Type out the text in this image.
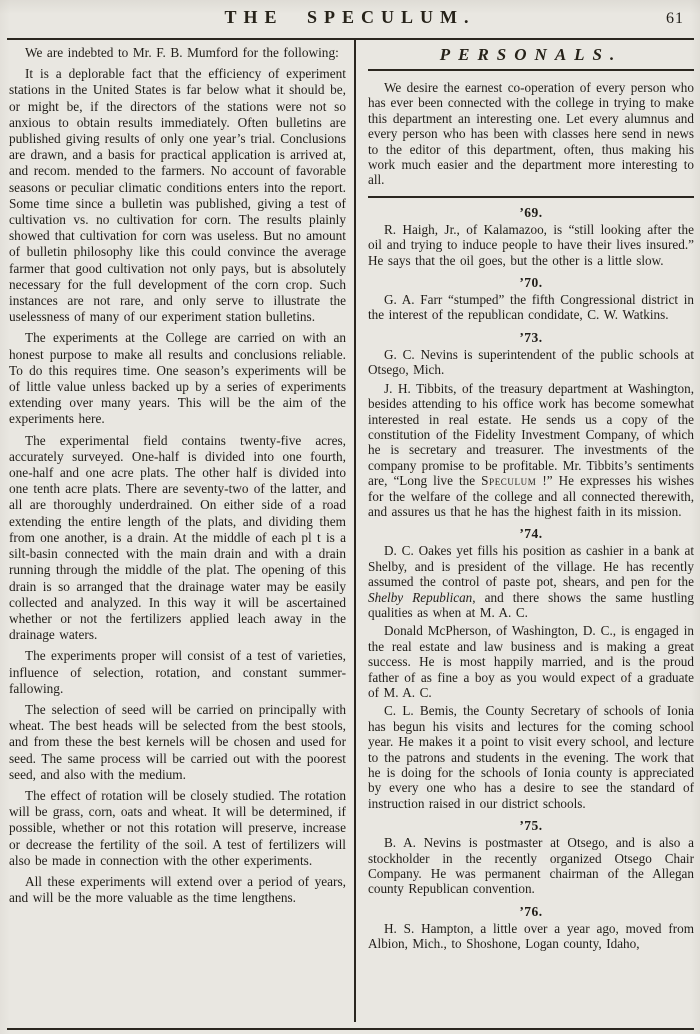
THE SPECULUM.	61

We are indebted to Mr. F. B. Mumford for the following:

It is a deplorable fact that the efficiency of experiment stations in the United States is far below what it should be, or might be, if the directors of the stations were not so anxious to obtain results immediately. Often bulletins are published giving results of only one year’s trial. Conclusions are drawn, and a basis for practical application is arrived at, and recom. mended to the farmers. No account of favorable seasons or peculiar climatic conditions enters into the report. Some time since a bulletin was published, giving a test of cultivation vs. no cultivation for corn. The results plainly showed that cultivation for corn was useless. But no amount of bulletin philosophy like this could convince the average farmer that good cultivation not only pays, but is absolutely necessary for the full development of the corn crop. Such instances are not rare, and only serve to illustrate the uselessness of many of our experiment station bulletins.

The experiments at the College are carried on with an honest purpose to make all results and conclusions reliable. To do this requires time. One season’s experiments will be of little value unless backed up by a series of experiments extending over many years. This will be the aim of the experiments here.

The experimental field contains twenty-five acres, accurately surveyed. One-half is divided into one fourth, one-half and one acre plats. The other half is divided into one tenth acre plats. There are seventy-two of the latter, and all are thoroughly underdrained. On either side of a road extending the entire length of the plats, and dividing them from one another, is a drain. At the middle of each pl t is a silt-basin connected with the main drain and with a drain running through the middle of the plat. The opening of this drain is so arranged that the drainage water may be easily collected and analyzed. In this way it will be ascertained whether or not the fertilizers applied leach away in the drainage waters.

The experiments proper will consist of a test of varieties, influence of selection, rotation, and constant summer-fallowing.

The selection of seed will be carried on principally with wheat. The best heads will be selected from the best stools, and from these the best kernels will be chosen and used for seed. The same process will be carried out with the poorest seed, and also with the medium.

The effect of rotation will be closely studied. The rotation will be grass, corn, oats and wheat. It will be determined, if possible, whether or not this rotation will preserve, increase or decrease the fertility of the soil. A test of fertilizers will also be made in connection with the other experiments.

All these experiments will extend over a period of years, and will be the more valuable as the time lengthens.

PERSONALS.

We desire the earnest co-operation of every person who has ever been connected with the college in trying to make this department an interesting one. Let every alumnus and every person who has been with classes here send in news to the editor of this department, often, thus making his work much easier and the department more interesting to all.

’69.

R. Haigh, Jr., of Kalamazoo, is “still looking after the oil and trying to induce people to have their lives insured.” He says that the oil goes, but the other is a little slow.

’70.

G. A. Farr “stumped” the fifth Congressional district in the interest of the republican condidate, C. W. Watkins.

’73.

G. C. Nevins is superintendent of the public schools at Otsego, Mich.

J. H. Tibbits, of the treasury department at Washington, besides attending to his office work has become somewhat interested in real estate. He sends us a copy of the constitution of the Fidelity Investment Company, of which he is secretary and treasurer. The investments of the company promise to be profitable. Mr. Tibbits’s sentiments are, “Long live the Speculum !” He expresses his wishes for the welfare of the college and all connected therewith, and assures us that he has the highest faith in its mission.

’74.

D. C. Oakes yet fills his position as cashier in a bank at Shelby, and is president of the village. He has recently assumed the control of paste pot, shears, and pen for the Shelby Republican, and there shows the same hustling qualities as when at M. A. C.

Donald McPherson, of Washington, D. C., is engaged in the real estate and law business and is making a great success. He is most happily married, and is the proud father of as fine a boy as you would expect of a graduate of M. A. C.

C. L. Bemis, the County Secretary of schools of Ionia has begun his visits and lectures for the coming school year. He makes it a point to visit every school, and lecture to the patrons and students in the evening. The work that he is doing for the schools of Ionia county is appreciated by every one who has a desire to see the standard of instruction raised in our district schools.

’75.

B. A. Nevins is postmaster at Otsego, and is also a stockholder in the recently organized Otsego Chair Company. He was permanent chairman of the Allegan county Republican convention.

’76.

H. S. Hampton, a little over a year ago, moved from Albion, Mich., to Shoshone, Logan county, Idaho,
